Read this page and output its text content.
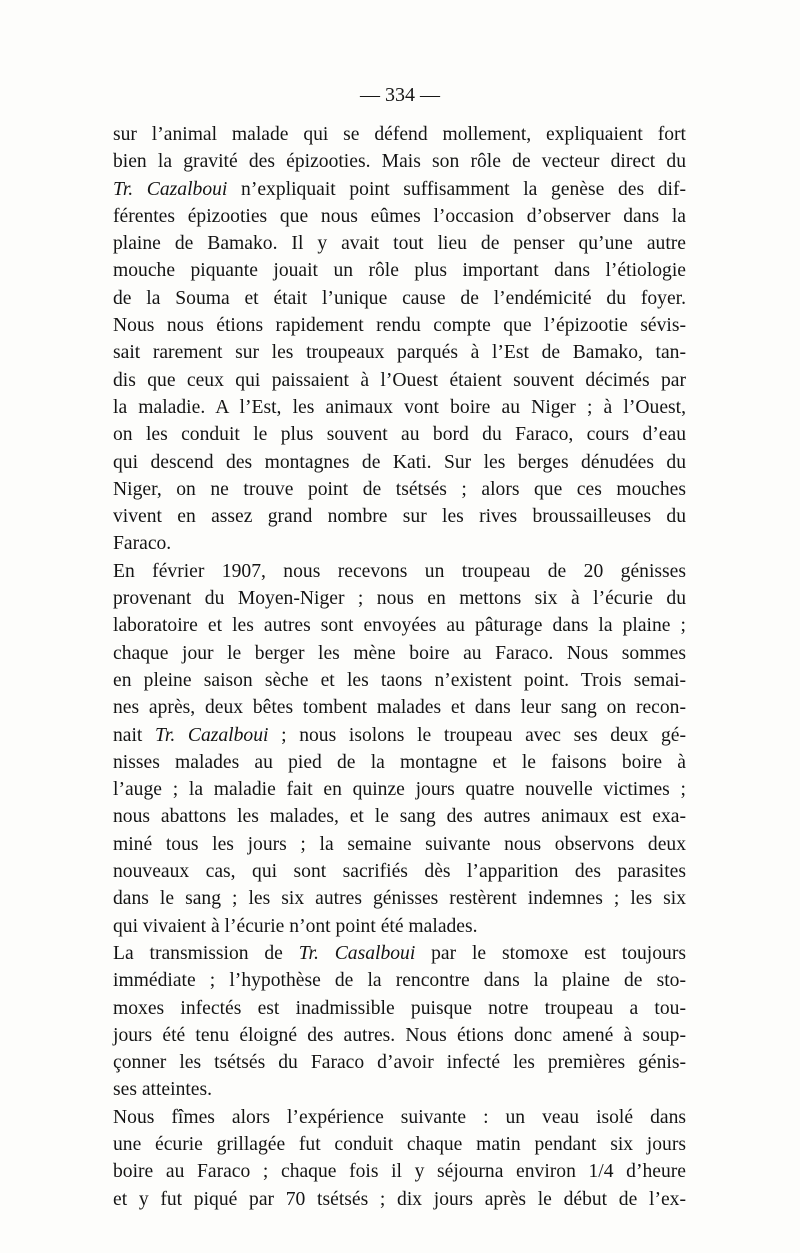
— 334 —

sur l’animal malade qui se défend mollement, expliquaient fort
bien la gravité des épizooties. Mais son rôle de vecteur direct du
Tr. Cazalboui n’expliquait point suffisamment la genèse des dif-
férentes épizooties que nous eûmes l’occasion d’observer dans la
plaine de Bamako. Il y avait tout lieu de penser qu’une autre
mouche piquante jouait un rôle plus important dans l’étiologie
de la Souma et était l’unique cause de l’endémicité du foyer.
Nous nous étions rapidement rendu compte que l’épizootie sévis-
sait rarement sur les troupeaux parqués à l’Est de Bamako, tan-
dis que ceux qui paissaient à l’Ouest étaient souvent décimés par
la maladie. A l’Est, les animaux vont boire au Niger ; à l’Ouest,
on les conduit le plus souvent au bord du Faraco, cours d’eau
qui descend des montagnes de Kati. Sur les berges dénudées du
Niger, on ne trouve point de tsétsés ; alors que ces mouches
vivent en assez grand nombre sur les rives broussailleuses du
Faraco.

En février 1907, nous recevons un troupeau de 20 génisses
provenant du Moyen-Niger ; nous en mettons six à l’écurie du
laboratoire et les autres sont envoyées au pâturage dans la plaine ;
chaque jour le berger les mène boire au Faraco. Nous sommes
en pleine saison sèche et les taons n’existent point. Trois semai-
nes après, deux bêtes tombent malades et dans leur sang on recon-
nait Tr. Cazalboui ; nous isolons le troupeau avec ses deux gé-
nisses malades au pied de la montagne et le faisons boire à
l’auge ; la maladie fait en quinze jours quatre nouvelle victimes ;
nous abattons les malades, et le sang des autres animaux est exa-
miné tous les jours ; la semaine suivante nous observons deux
nouveaux cas, qui sont sacrifiés dès l’apparition des parasites
dans le sang ; les six autres génisses restèrent indemnes ; les six
qui vivaient à l’écurie n’ont point été malades.

La transmission de Tr. Casalboui par le stomoxe est toujours
immédiate ; l’hypothèse de la rencontre dans la plaine de sto-
moxes infectés est inadmissible puisque notre troupeau a tou-
jours été tenu éloigné des autres. Nous étions donc amené à soup-
çonner les tsétsés du Faraco d’avoir infecté les premières génis-
ses atteintes.

Nous fîmes alors l’expérience suivante : un veau isolé dans
une écurie grillagée fut conduit chaque matin pendant six jours
boire au Faraco ; chaque fois il y séjourna environ 1/4 d’heure
et y fut piqué par 70 tsétsés ; dix jours après le début de l’ex-
